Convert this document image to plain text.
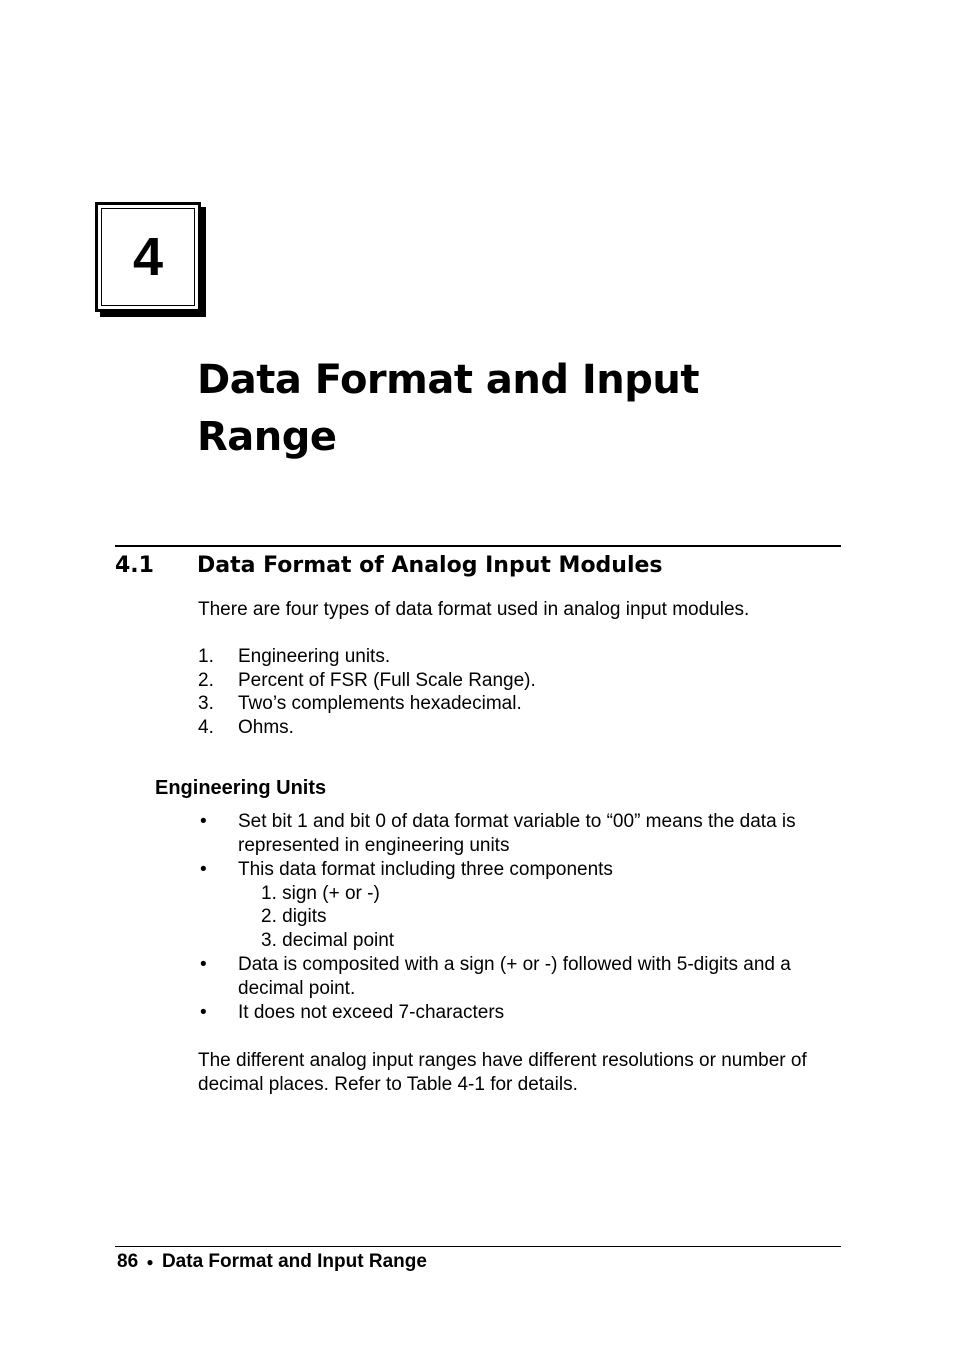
4
Data Format and Input
Range
4.1 Data Format of Analog Input Modules

There are four types of data format used in analog input modules.

1.	Engineering units.
2.	Percent of FSR (Full Scale Range).
3.	Two’s complements hexadecimal.
4.	Ohms.
Engineering Units
•	Set bit 1 and bit 0 of data format variable to “00” means the data is represented in engineering units
•	This data format including three components
1. sign (+ or -)
2. digits
3. decimal point
•	Data is composited with a sign (+ or -) followed with 5-digits and a decimal point.
•	It does not exceed 7-characters

The different analog input ranges have different resolutions or number of decimal places. Refer to Table 4-1 for details.

86 ● Data Format and Input Range
